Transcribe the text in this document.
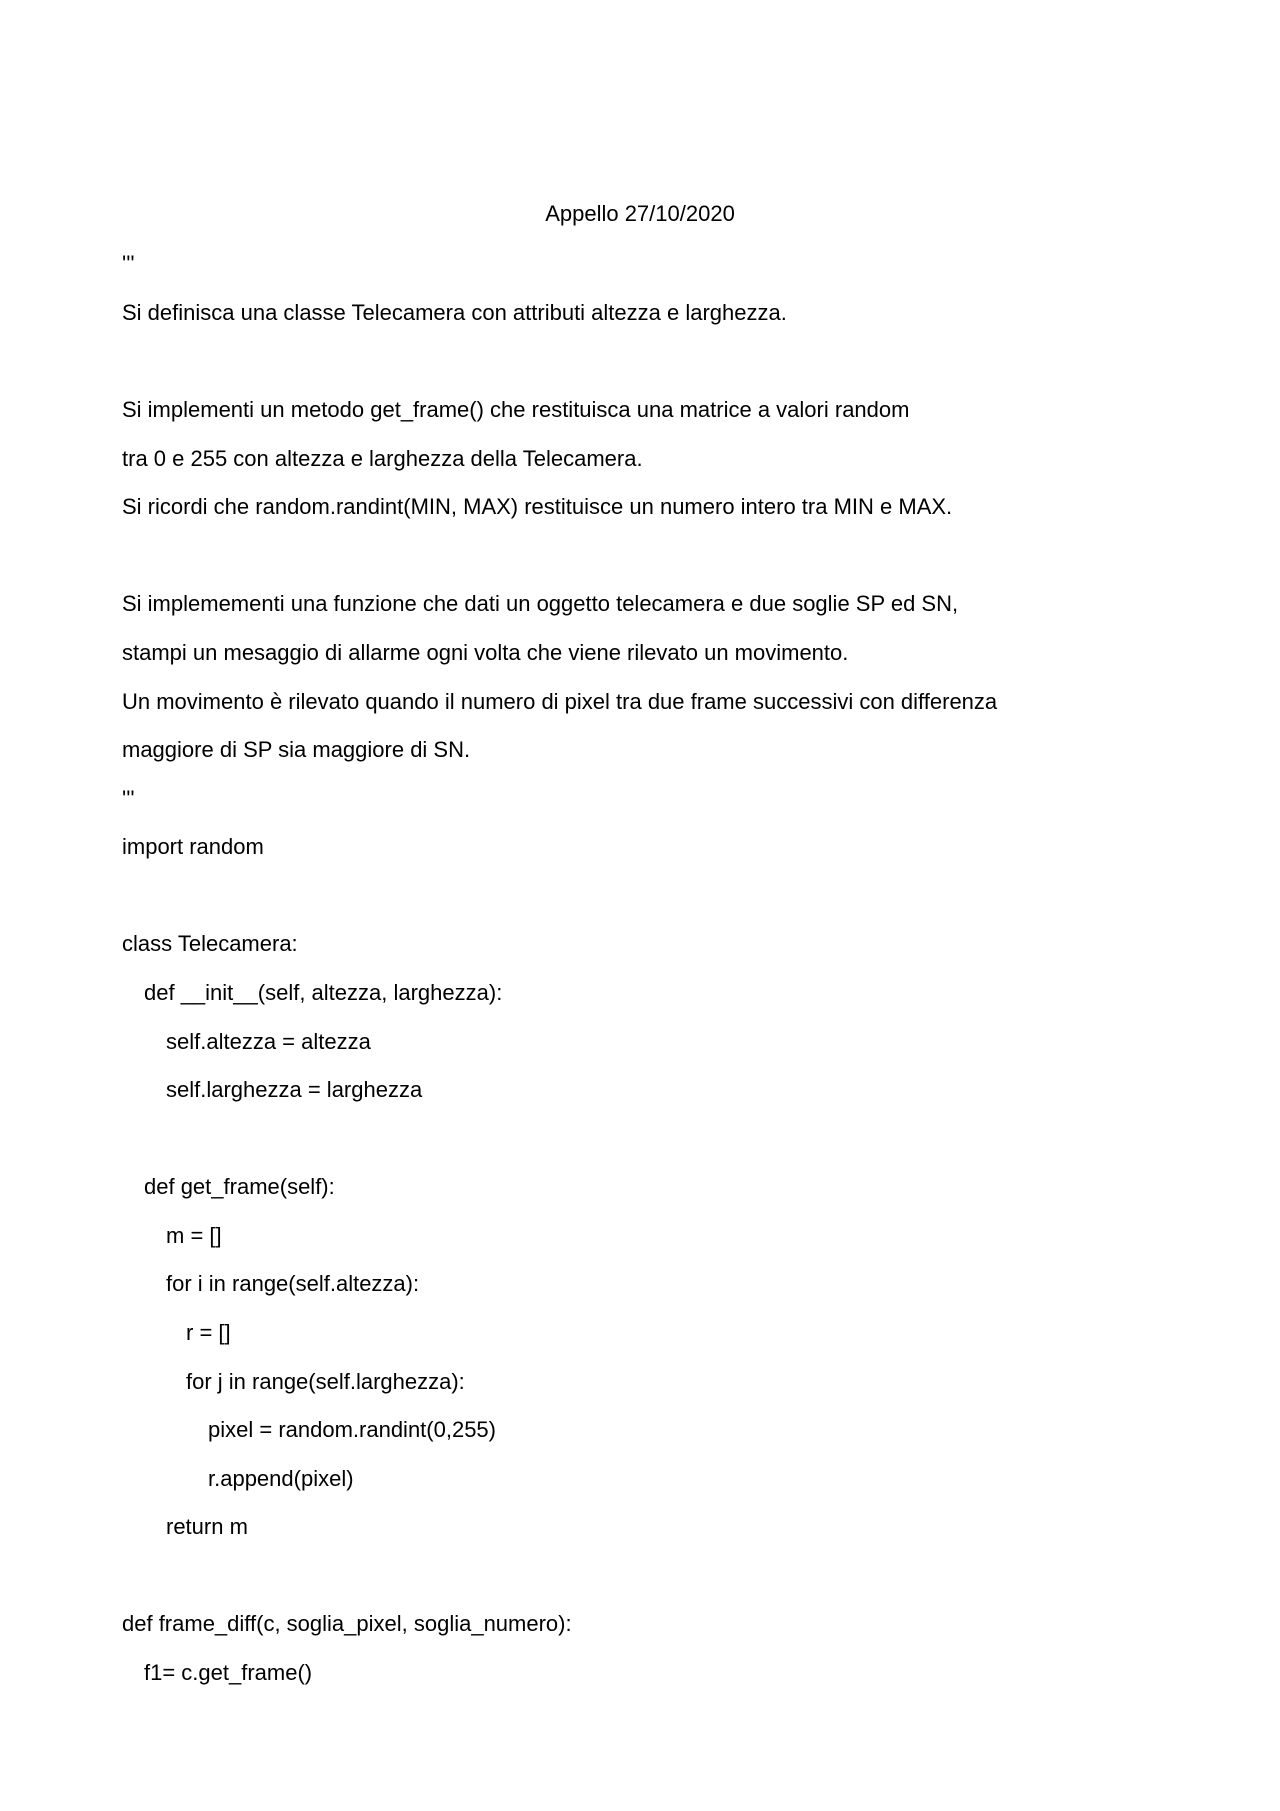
Appello 27/10/2020
'''
Si definisca una classe Telecamera con attributi altezza e larghezza.
Si implementi un metodo get_frame() che restituisca una matrice a valori random
tra 0 e 255 con altezza e larghezza della Telecamera.
Si ricordi che random.randint(MIN, MAX) restituisce un numero intero tra MIN e MAX.
Si implemementi una funzione che dati un oggetto telecamera e due soglie SP ed SN,
stampi un mesaggio di allarme ogni volta che viene rilevato un movimento.
Un movimento è rilevato quando il numero di pixel tra due frame successivi con differenza
maggiore di SP sia maggiore di SN.
'''
import random
class Telecamera:
def __init__(self, altezza, larghezza):
self.altezza = altezza
self.larghezza = larghezza
def get_frame(self):
m = []
for i in range(self.altezza):
r = []
for j in range(self.larghezza):
pixel = random.randint(0,255)
r.append(pixel)
return m
def frame_diff(c, soglia_pixel, soglia_numero):
f1= c.get_frame()
